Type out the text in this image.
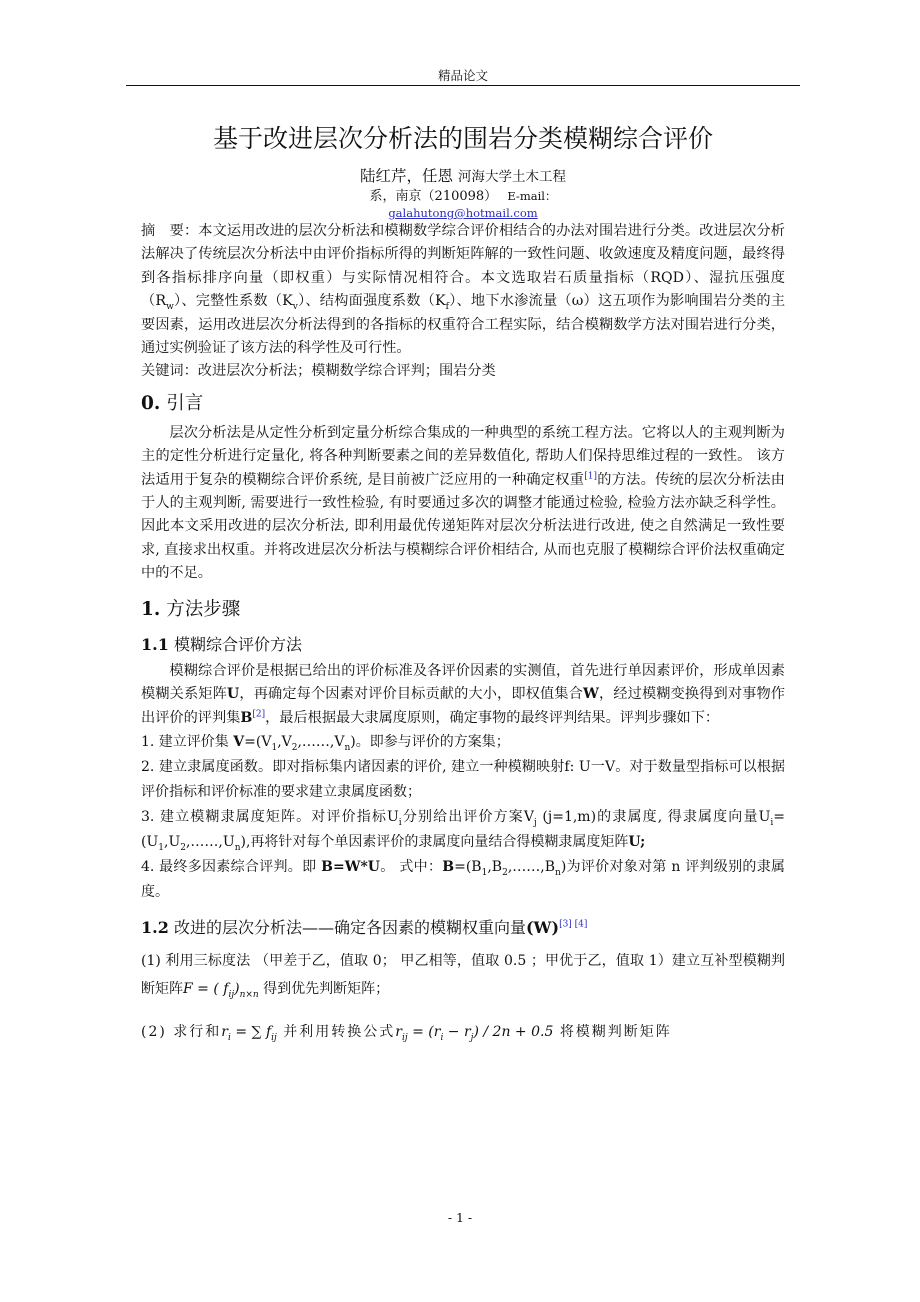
精品论文
基于改进层次分析法的围岩分类模糊综合评价
陆红芹，任恩 河海大学土木工程
系，南京（210098） E-mail：
galahutong@hotmail.com

摘　要：本文运用改进的层次分析法和模糊数学综合评价相结合的办法对围岩进行分类。改进层次分析法解决了传统层次分析法中由评价指标所得的判断矩阵解的一致性问题、收敛速度及精度问题，最终得到各指标排序向量（即权重）与实际情况相符合。本文选取岩石质量指标（RQD）、湿抗压强度$(R_w)$、完整性系数$(K_v)$、结构面强度系数$(K_f)$、地下水渗流量（ω）这五项作为影响围岩分类的主要因素，运用改进层次分析法得到的各指标的权重符合工程实际，结合模糊数学方法对围岩进行分类，通过实例验证了该方法的科学性及可行性。

关键词：改进层次分析法；模糊数学综合评判；围岩分类

0. 引言

层次分析法是从定性分析到定量分析综合集成的一种典型的系统工程方法。它将以人的主观判断为主的定性分析进行定量化, 将各种判断要素之间的差异数值化, 帮助人们保持思维过程的一致性。 该方法适用于复杂的模糊综合评价系统, 是目前被广泛应用的一种确定权重[1]的方法。传统的层次分析法由于人的主观判断, 需要进行一致性检验, 有时要通过多次的调整才能通过检验, 检验方法亦缺乏科学性。因此本文采用改进的层次分析法, 即利用最优传递矩阵对层次分析法进行改进, 使之自然满足一致性要求, 直接求出权重。并将改进层次分析法与模糊综合评价相结合, 从而也克服了模糊综合评价法权重确定中的不足。

1. 方法步骤
1.1 模糊综合评价方法

模糊综合评价是根据已给出的评价标准及各评价因素的实测值，首先进行单因素评价，形成单因素模糊关系矩阵U，再确定每个因素对评价目标贡献的大小，即权值集合W，经过模糊变换得到对事物作出评价的评判集B[2]，最后根据最大隶属度原则，确定事物的最终评判结果。评判步骤如下：

1. 建立评价集 $V=(V_1,V_2,\dots\dots,V_n)$。即参与评价的方案集；

2. 建立隶属度函数。即对指标集内诸因素的评价, 建立一种模糊映射f: U一V。对于数量型指标可以根据评价指标和评价标准的要求建立隶属度函数；

3. 建立模糊隶属度矩阵。对评价指标$U_i$分别给出评价方案$V_j$ (j=1,m)的隶属度, 得隶属度向量$U_i=(U_1,U_2,\dots\dots,U_n)$,再将针对每个单因素评价的隶属度向量结合得模糊隶属度矩阵U;

4. 最终多因素综合评判。即 B=W*U。 式中：$B=(B_1,B_2,\dots\dots,B_n)$为评价对象对第 n 评判级别的隶属度。

1.2 改进的层次分析法——确定各因素的模糊权重向量(W)[3] [4]

(1) 利用三标度法 （甲差于乙，值取 0； 甲乙相等，值取 0.5 ；甲优于乙，值取 1）建立互补型模糊判断矩阵F = ( $f_{ij})_{n\times n}$ 得到优先判断矩阵；

(2) 求行和$r_i$ = ∑ $f_{ij}$ 并利用转换公式$r_{ij} = (r_i - r_j) / 2n + 0.5$ 将模糊判断矩阵

- 1 -
